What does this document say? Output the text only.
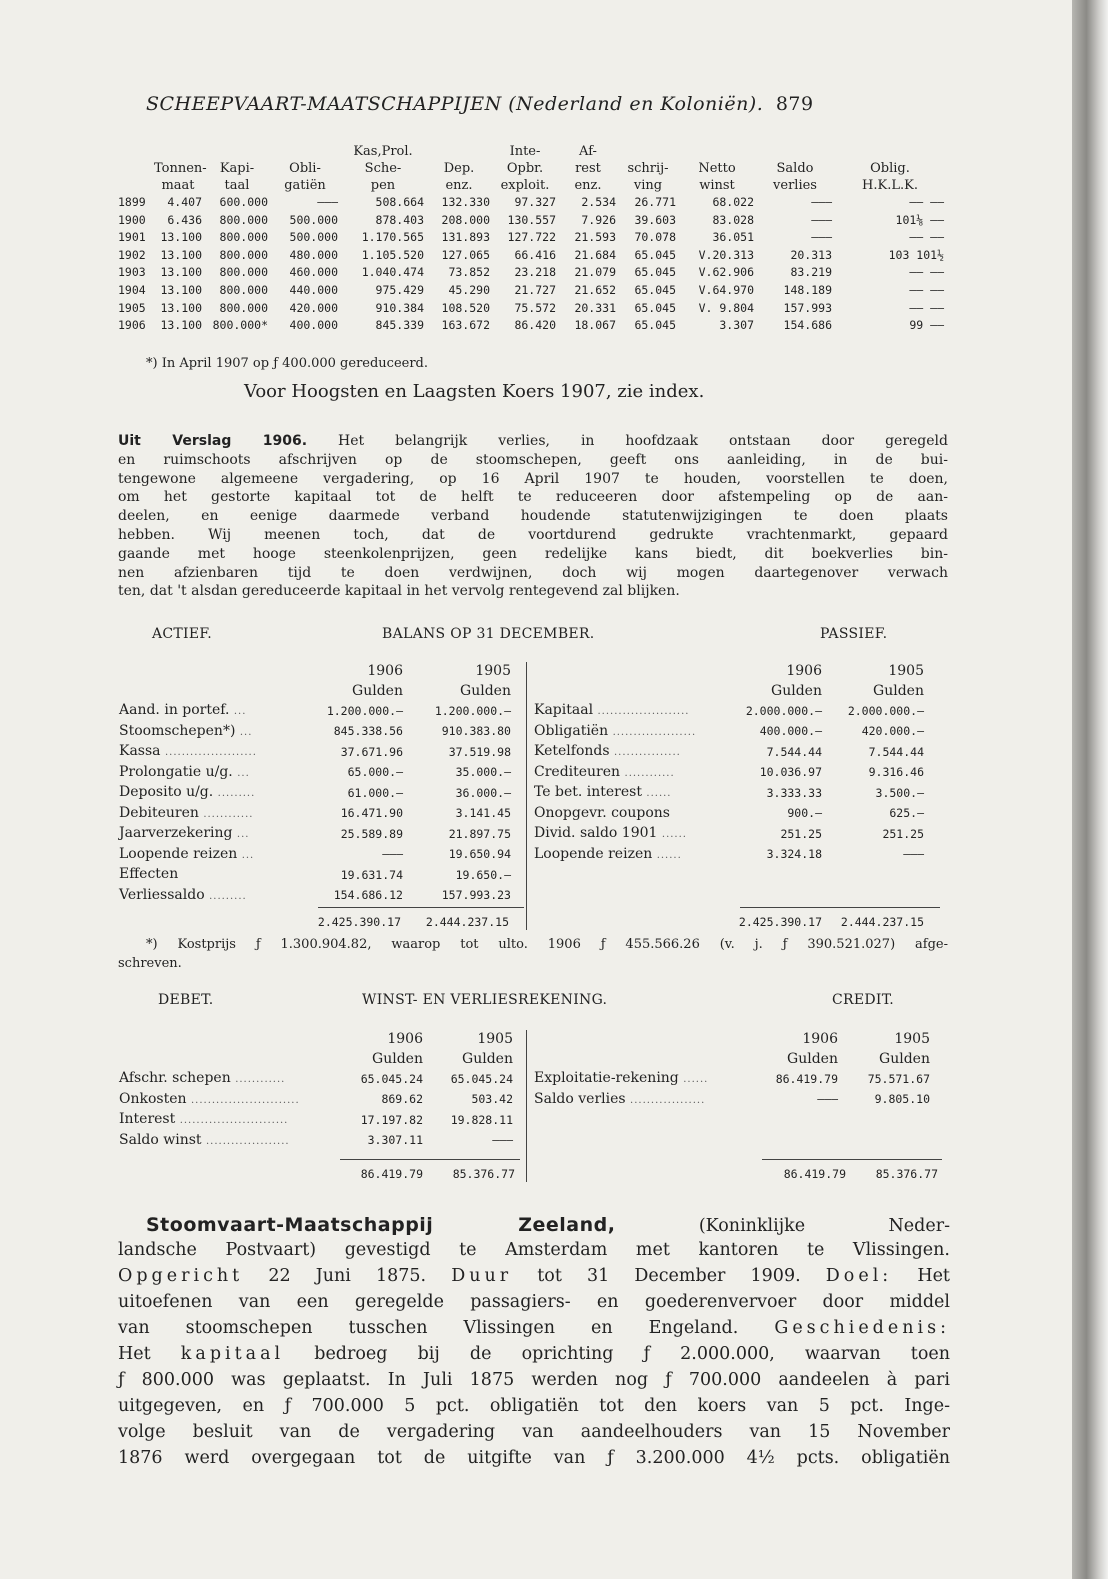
SCHEEPVAART-MAATSCHAPPIJEN (Nederland en Koloniën). 879
				Kas,Prol.		Inte-	Af-				
	Tonnen-	Kapi-	Obli-	Sche-	Dep.	Opbr.	rest	schrij-	Netto	Saldo	Oblig.
	maat	taal	gatiën	pen	enz.	exploit.	enz.	ving	winst	verlies	H.K.L.K.
1899	4.407	600.000	———	508.664	132.330	97.327	2.534	26.771	68.022	———	—— ——
1900	6.436	800.000	500.000	878.403	208.000	130.557	7.926	39.603	83.028	———	101⅛ ——
1901	13.100	800.000	500.000	1.170.565	131.893	127.722	21.593	70.078	36.051	———	—— ——
1902	13.100	800.000	480.000	1.105.520	127.065	66.416	21.684	65.045	V.20.313	20.313	103 101½
1903	13.100	800.000	460.000	1.040.474	73.852	23.218	21.079	65.045	V.62.906	83.219	—— ——
1904	13.100	800.000	440.000	975.429	45.290	21.727	21.652	65.045	V.64.970	148.189	—— ——
1905	13.100	800.000	420.000	910.384	108.520	75.572	20.331	65.045	V. 9.804	157.993	—— ——
1906	13.100	800.000*	400.000	845.339	163.672	86.420	18.067	65.045	3.307	154.686	99 ——
*) In April 1907 op ƒ 400.000 gereduceerd.
Voor Hoogsten en Laagsten Koers 1907, zie index.
Uit Verslag 1906. Het belangrijk verlies, in hoofdzaak ontstaan door geregeld
en ruimschoots afschrijven op de stoomschepen, geeft ons aanleiding, in de bui-
tengewone algemeene vergadering, op 16 April 1907 te houden, voorstellen te doen,
om het gestorte kapitaal tot de helft te reduceeren door afstempeling op de aan-
deelen, en eenige daarmede verband houdende statutenwijzigingen te doen plaats
hebben. Wij meenen toch, dat de voortdurend gedrukte vrachtenmarkt, gepaard
gaande met hooge steenkolenprijzen, geen redelijke kans biedt, dit boekverlies bin-
nen afzienbaren tijd te doen verdwijnen, doch wij mogen daartegenover verwach
ten, dat 't alsdan gereduceerde kapitaal in het vervolg rentegevend zal blijken.
ACTIEF.	BALANS OP 31 DECEMBER.	PASSIEF.
	1906	1905
	Gulden	Gulden
Aand. in portef. ...	1.200.000.—	1.200.000.—
Stoomschepen*) ...	845.338.56	910.383.80
Kassa ......................	37.671.96	37.519.98
Prolongatie u/g. ...	65.000.—	35.000.—
Deposito u/g. .........	61.000.—	36.000.—
Debiteuren ............	16.471.90	3.141.45
Jaarverzekering ...	25.589.89	21.897.75
Loopende reizen ...	———	19.650.94
Effecten	19.631.74	19.650.—
Verliessaldo .........	154.686.12	157.993.23
	1906	1905
	Gulden	Gulden
Kapitaal ......................	2.000.000.—	2.000.000.—
Obligatiën ....................	400.000.—	420.000.—
Ketelfonds ................	7.544.44	7.544.44
Crediteuren ............	10.036.97	9.316.46
Te bet. interest ......	3.333.33	3.500.—
Onopgevr. coupons	900.—	625.—
Divid. saldo 1901 ......	251.25	251.25
Loopende reizen ......	3.324.18	———
2.425.390.17	2.444.237.15	2.425.390.17	2.444.237.15
*) Kostprijs ƒ 1.300.904.82, waarop tot ulto. 1906 ƒ 455.566.26 (v. j. ƒ 390.521.027) afge-
schreven.
DEBET.	WINST- EN VERLIESREKENING.	CREDIT.
	1906	1905
	Gulden	Gulden
Afschr. schepen ............	65.045.24	65.045.24
Onkosten ..........................	869.62	503.42
Interest ..........................	17.197.82	19.828.11
Saldo winst ....................	3.307.11	———
	1906	1905
	Gulden	Gulden
Exploitatie-rekening ......	86.419.79	75.571.67
Saldo verlies ..................	———	9.805.10
86.419.79	85.376.77	86.419.79	85.376.77
Stoomvaart-Maatschappij Zeeland,	(Koninklijke Neder-
landsche Postvaart) gevestigd te Amsterdam met kantoren te Vlissingen.
Opgericht 22 Juni 1875. Duur tot 31 December 1909. Doel: Het
uitoefenen van een geregelde passagiers- en goederenvervoer door middel
van stoomschepen tusschen Vlissingen en Engeland. Geschiedenis:
Het kapitaal bedroeg bij de oprichting ƒ 2.000.000, waarvan toen
ƒ 800.000 was geplaatst. In Juli 1875 werden nog ƒ 700.000 aandeelen à pari
uitgegeven, en ƒ 700.000 5 pct. obligatiën tot den koers van 5 pct. Inge-
volge besluit van de vergadering van aandeelhouders van 15 November
1876 werd overgegaan tot de uitgifte van ƒ 3.200.000 4½ pcts. obligatiën
